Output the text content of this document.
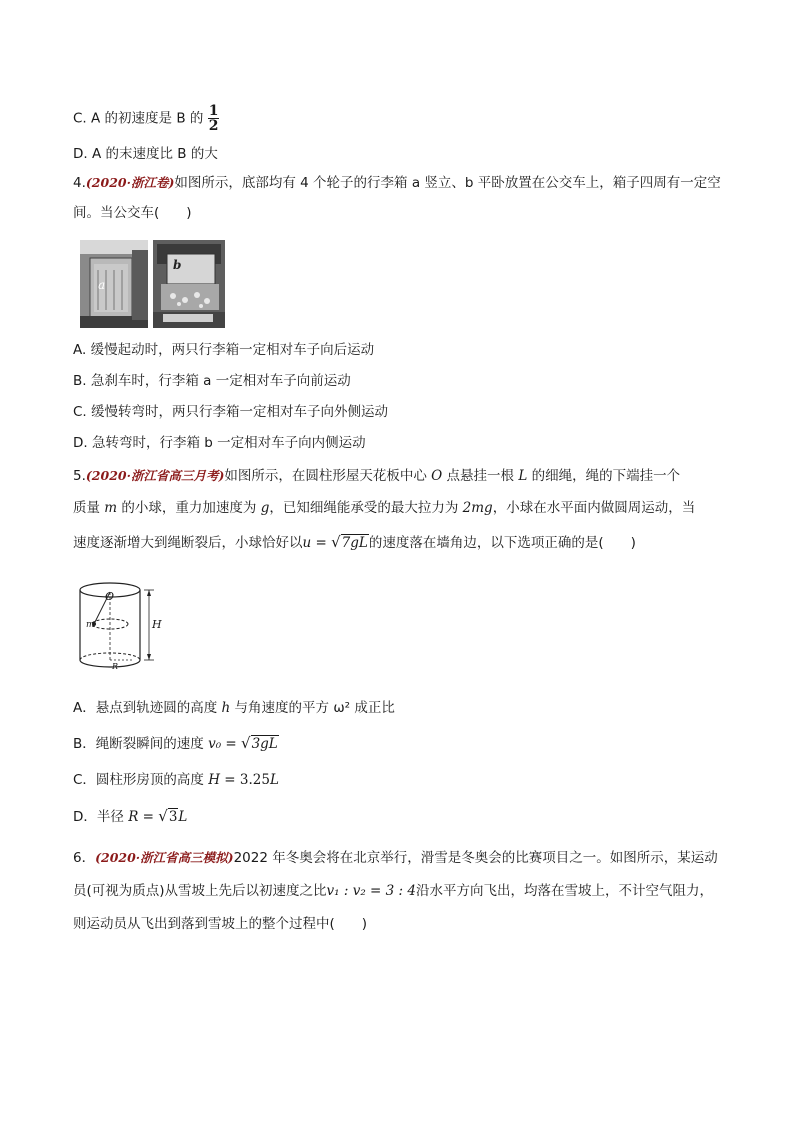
C. A 的初速度是 B 的 $\frac{1}{2}$
D. A 的末速度比 B 的大
4.(2020·浙江卷)如图所示，底部均有 4 个轮子的行李箱 a 竖立、b 平卧放置在公交车上，箱子四周有一定空
间。当公交车(　　)
a
b
A. 缓慢起动时，两只行李箱一定相对车子向后运动
B. 急刹车时，行李箱 a 一定相对车子向前运动
C. 缓慢转弯时，两只行李箱一定相对车子向外侧运动
D. 急转弯时，行李箱 b 一定相对车子向内侧运动
5.(2020·浙江省高三月考)如图所示，在圆柱形屋天花板中心 O 点悬挂一根 L 的细绳，绳的下端挂一个
质量 m 的小球，重力加速度为 g，已知细绳能承受的最大拉力为 2mg，小球在水平面内做圆周运动，当
速度逐渐增大到绳断裂后，小球恰好以u = √7gL的速度落在墙角边，以下选项正确的是(　　)
O
m	H
R
A．悬点到轨迹圆的高度 h 与角速度的平方 ω² 成正比
B．绳断裂瞬间的速度 v₀ = √3gL
C．圆柱形房顶的高度 H = 3.25L
D．半径 R = √3L
6．(2020·浙江省高三模拟)2022 年冬奥会将在北京举行，滑雪是冬奥会的比赛项目之一。如图所示，某运动
员(可视为质点)从雪坡上先后以初速度之比v₁ : v₂ = 3 : 4沿水平方向飞出，均落在雪坡上，不计空气阻力，
则运动员从飞出到落到雪坡上的整个过程中(　　)
